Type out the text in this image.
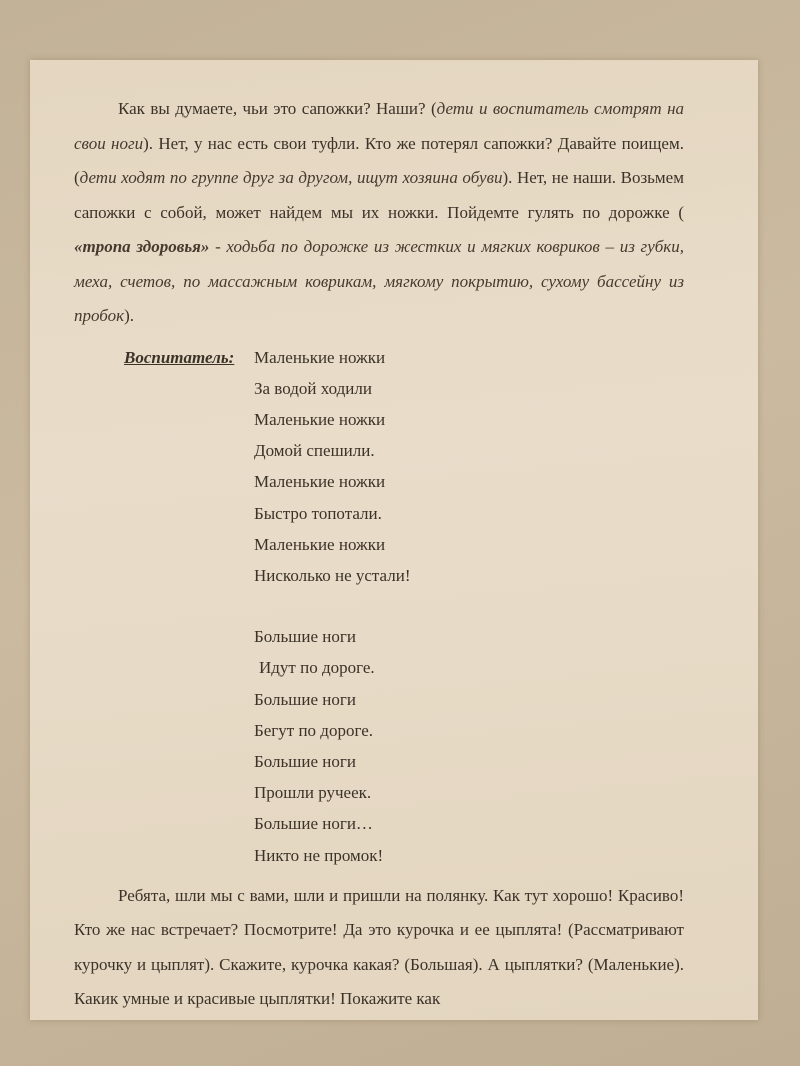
Как вы думаете, чьи это сапожки? Наши? (дети и воспитатель смотрят на свои ноги). Нет, у нас есть свои туфли. Кто же потерял сапожки? Давайте поищем. (дети ходят по группе друг за другом, ищут хозяина обуви). Нет, не наши. Возьмем сапожки с собой, может найдем мы их ножки. Пойдемте гулять по дорожке ( «тропа здоровья» - ходьба по дорожке из жестких и мягких ковриков – из губки, меха, счетов, по массажным коврикам, мягкому покрытию, сухому бассейну из пробок).

Воспитатель: Маленькие ножки
За водой ходили
Маленькие ножки
Домой спешили.
Маленькие ножки
Быстро топотали.
Маленькие ножки
Нисколько не устали!
Большие ноги
Идут по дороге.
Большие ноги
Бегут по дороге.
Большие ноги
Прошли ручеек.
Большие ноги…
Никто не промок!

Ребята, шли мы с вами, шли и пришли на полянку. Как тут хорошо! Красиво! Кто же нас встречает? Посмотрите! Да это курочка и ее цыплята! (Рассматривают курочку и цыплят). Скажите, курочка какая? (Большая). А цыплятки? (Маленькие). Какик умные и красивые цыплятки! Покажите как
